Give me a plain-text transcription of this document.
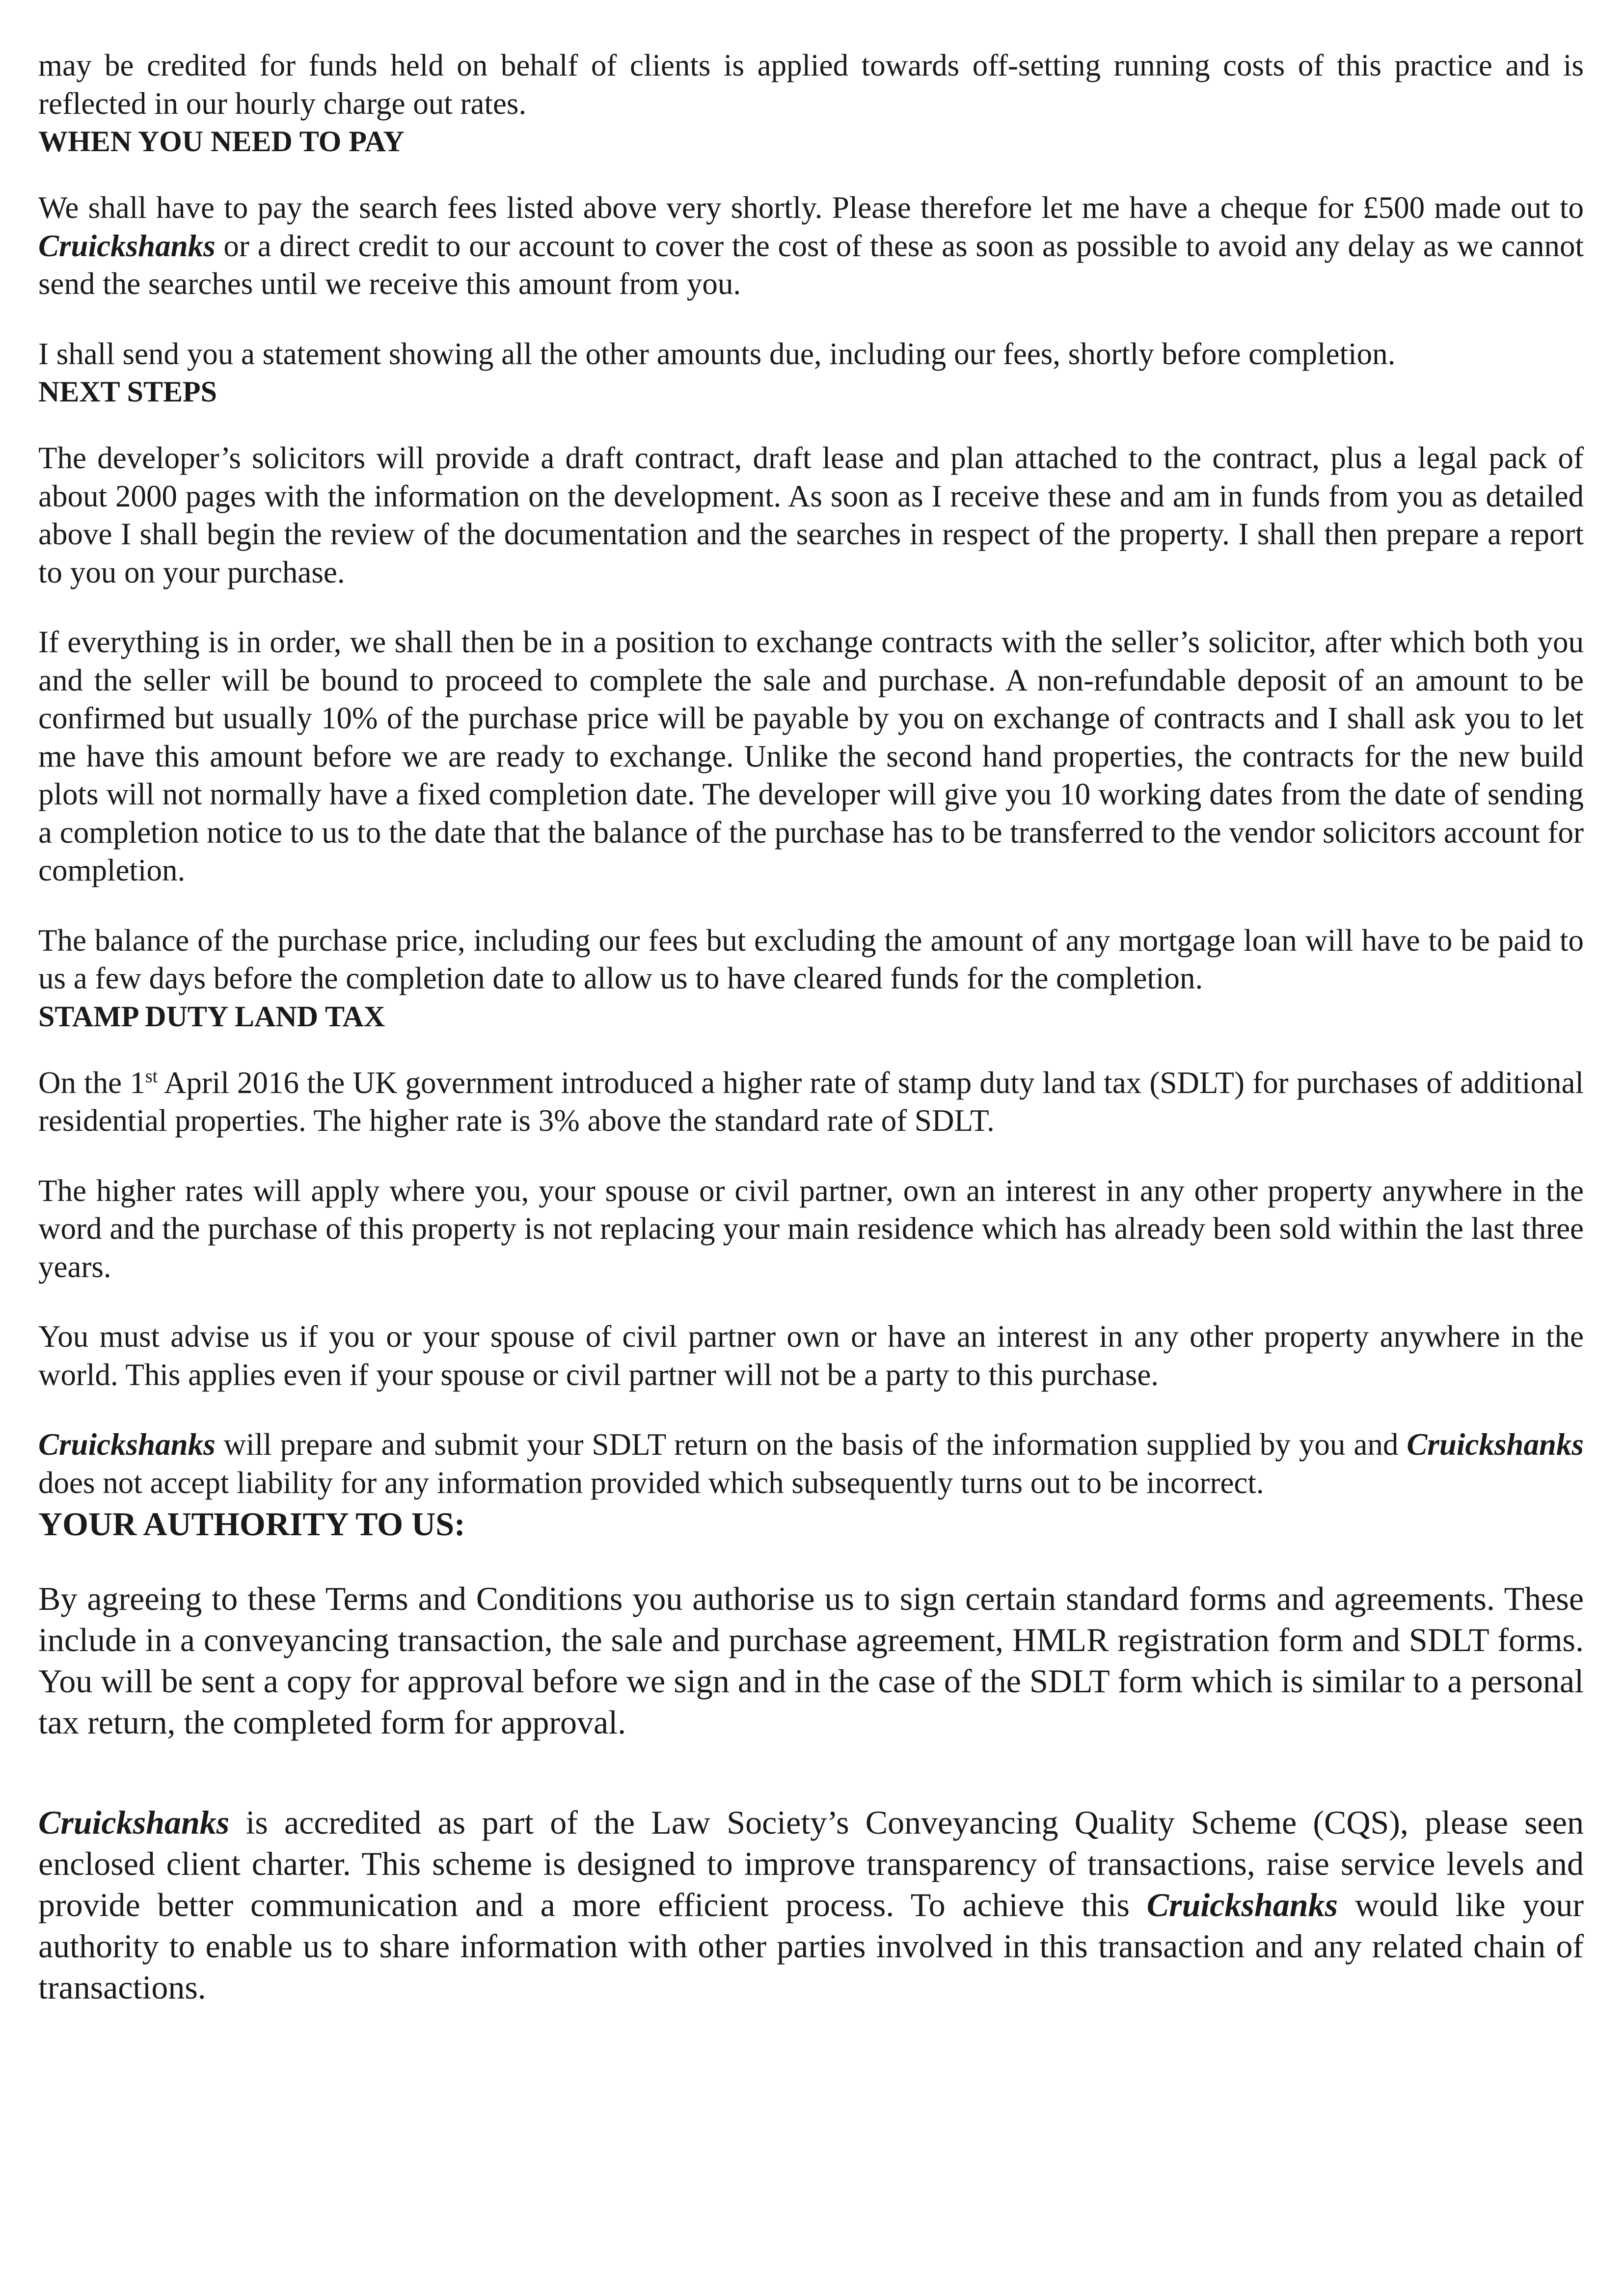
may be credited for funds held on behalf of clients is applied towards off-setting running costs of this practice and is reflected in our hourly charge out rates.

WHEN YOU NEED TO PAY

We shall have to pay the search fees listed above very shortly. Please therefore let me have a cheque for £500 made out to Cruickshanks or a direct credit to our account to cover the cost of these as soon as possible to avoid any delay as we cannot send the searches until we receive this amount from you.

I shall send you a statement showing all the other amounts due, including our fees, shortly before completion.

NEXT STEPS

The developer’s solicitors will provide a draft contract, draft lease and plan attached to the contract, plus a legal pack of about 2000 pages with the information on the development. As soon as I receive these and am in funds from you as detailed above I shall begin the review of the documentation and the searches in respect of the property. I shall then prepare a report to you on your purchase.

If everything is in order, we shall then be in a position to exchange contracts with the seller’s solicitor, after which both you and the seller will be bound to proceed to complete the sale and purchase. A non-refundable deposit of an amount to be confirmed but usually 10% of the purchase price will be payable by you on exchange of contracts and I shall ask you to let me have this amount before we are ready to exchange. Unlike the second hand properties, the contracts for the new build plots will not normally have a fixed completion date. The developer will give you 10 working dates from the date of sending a completion notice to us to the date that the balance of the purchase has to be transferred to the vendor solicitors account for completion.

The balance of the purchase price, including our fees but excluding the amount of any mortgage loan will have to be paid to us a few days before the completion date to allow us to have cleared funds for the completion.

STAMP DUTY LAND TAX

On the 1st April 2016 the UK government introduced a higher rate of stamp duty land tax (SDLT) for purchases of additional residential properties. The higher rate is 3% above the standard rate of SDLT.

The higher rates will apply where you, your spouse or civil partner, own an interest in any other property anywhere in the word and the purchase of this property is not replacing your main residence which has already been sold within the last three years.

You must advise us if you or your spouse of civil partner own or have an interest in any other property anywhere in the world. This applies even if your spouse or civil partner will not be a party to this purchase.

Cruickshanks will prepare and submit your SDLT return on the basis of the information supplied by you and Cruickshanks does not accept liability for any information provided which subsequently turns out to be incorrect.

YOUR AUTHORITY TO US:

By agreeing to these Terms and Conditions you authorise us to sign certain standard forms and agreements. These include in a conveyancing transaction, the sale and purchase agreement, HMLR registration form and SDLT forms. You will be sent a copy for approval before we sign and in the case of the SDLT form which is similar to a personal tax return, the completed form for approval.

Cruickshanks is accredited as part of the Law Society’s Conveyancing Quality Scheme (CQS), please seen enclosed client charter. This scheme is designed to improve transparency of transactions, raise service levels and provide better communication and a more efficient process. To achieve this Cruickshanks would like your authority to enable us to share information with other parties involved in this transaction and any related chain of transactions.
